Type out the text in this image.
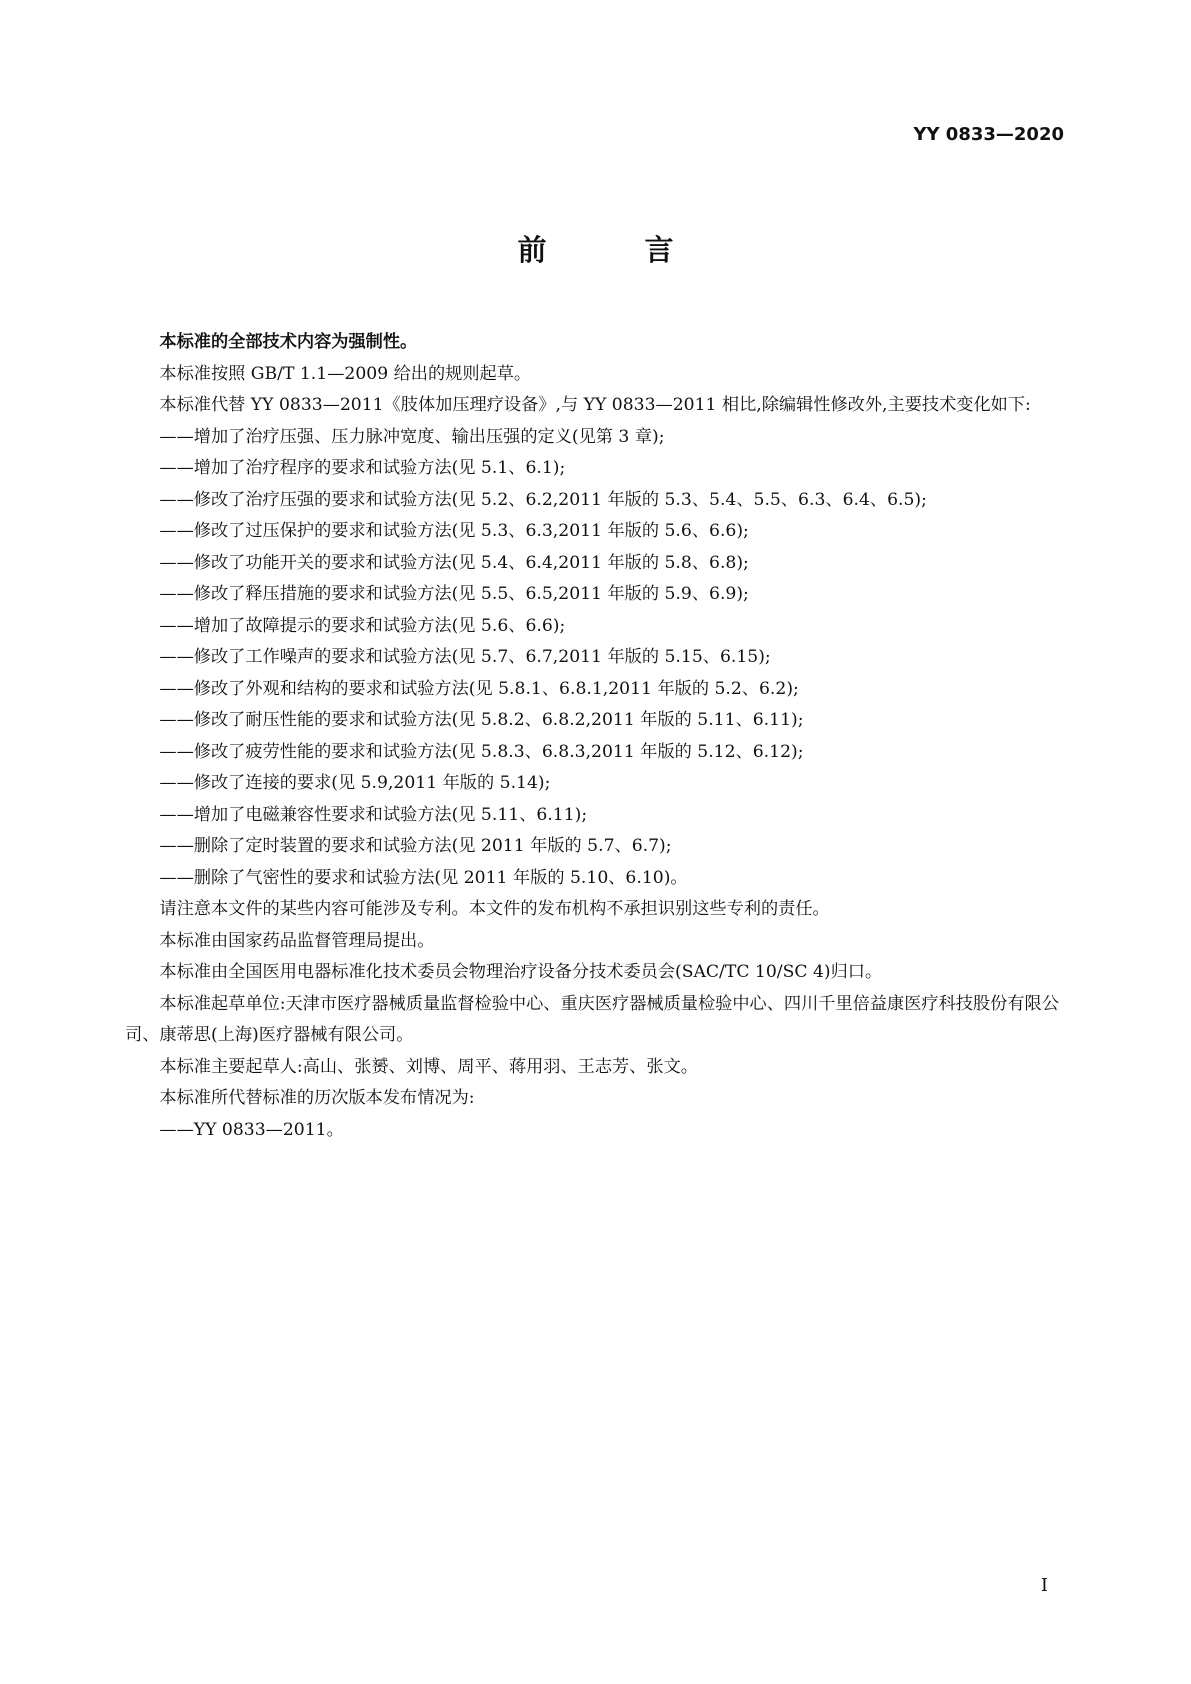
YY 0833—2020
前 言

本标准的全部技术内容为强制性。

本标准按照 GB/T 1.1—2009 给出的规则起草。

本标准代替 YY 0833—2011《肢体加压理疗设备》,与 YY 0833—2011 相比,除编辑性修改外,主要技术变化如下:

——增加了治疗压强、压力脉冲宽度、输出压强的定义(见第 3 章);

——增加了治疗程序的要求和试验方法(见 5.1、6.1);

——修改了治疗压强的要求和试验方法(见 5.2、6.2,2011 年版的 5.3、5.4、5.5、6.3、6.4、6.5);

——修改了过压保护的要求和试验方法(见 5.3、6.3,2011 年版的 5.6、6.6);

——修改了功能开关的要求和试验方法(见 5.4、6.4,2011 年版的 5.8、6.8);

——修改了释压措施的要求和试验方法(见 5.5、6.5,2011 年版的 5.9、6.9);

——增加了故障提示的要求和试验方法(见 5.6、6.6);

——修改了工作噪声的要求和试验方法(见 5.7、6.7,2011 年版的 5.15、6.15);

——修改了外观和结构的要求和试验方法(见 5.8.1、6.8.1,2011 年版的 5.2、6.2);

——修改了耐压性能的要求和试验方法(见 5.8.2、6.8.2,2011 年版的 5.11、6.11);

——修改了疲劳性能的要求和试验方法(见 5.8.3、6.8.3,2011 年版的 5.12、6.12);

——修改了连接的要求(见 5.9,2011 年版的 5.14);

——增加了电磁兼容性要求和试验方法(见 5.11、6.11);

——删除了定时装置的要求和试验方法(见 2011 年版的 5.7、6.7);

——删除了气密性的要求和试验方法(见 2011 年版的 5.10、6.10)。

请注意本文件的某些内容可能涉及专利。本文件的发布机构不承担识别这些专利的责任。

本标准由国家药品监督管理局提出。

本标准由全国医用电器标准化技术委员会物理治疗设备分技术委员会(SAC/TC 10/SC 4)归口。

本标准起草单位:天津市医疗器械质量监督检验中心、重庆医疗器械质量检验中心、四川千里倍益康医疗科技股份有限公司、康蒂思(上海)医疗器械有限公司。

本标准主要起草人:高山、张赟、刘博、周平、蒋用羽、王志芳、张文。

本标准所代替标准的历次版本发布情况为:

——YY 0833—2011。

I
